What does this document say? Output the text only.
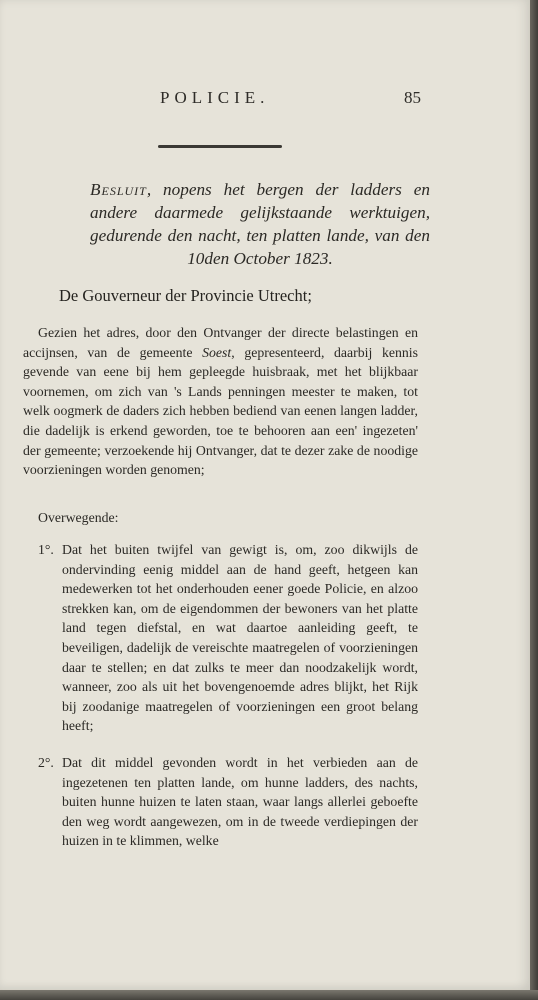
POLICIE.	85
Besluit, nopens het bergen der ladders en andere daarmede gelijkstaande werktuigen, gedurende den nacht, ten platten lande, van den 10den October 1823.
De Gouverneur der Provincie Utrecht;
Gezien het adres, door den Ontvanger der directe belastingen en accijnsen, van de gemeente Soest, gepresenteerd, daarbij kennis gevende van eene bij hem gepleegde huisbraak, met het blijkbaar voornemen, om zich van 's Lands penningen meester te maken, tot welk oogmerk de daders zich hebben bediend van eenen langen ladder, die dadelijk is erkend geworden, toe te behooren aan een' ingezeten' der gemeente; verzoekende hij Ontvanger, dat te dezer zake de noodige voorzieningen worden genomen;
Overwegende:
1°. Dat het buiten twijfel van gewigt is, om, zoo dikwijls de ondervinding eenig middel aan de hand geeft, hetgeen kan medewerken tot het onderhouden eener goede Policie, en alzoo strekken kan, om de eigendommen der bewoners van het platte land tegen diefstal, en wat daartoe aanleiding geeft, te beveiligen, dadelijk de vereischte maatregelen of voorzieningen daar te stellen; en dat zulks te meer dan noodzakelijk wordt, wanneer, zoo als uit het bovengenoemde adres blijkt, het Rijk bij zoodanige maatregelen of voorzieningen een groot belang heeft;
2°. Dat dit middel gevonden wordt in het verbieden aan de ingezetenen ten platten lande, om hunne ladders, des nachts, buiten hunne huizen te laten staan, waar langs allerlei geboefte den weg wordt aangewezen, om in de tweede verdiepingen der huizen in te klimmen, welke
